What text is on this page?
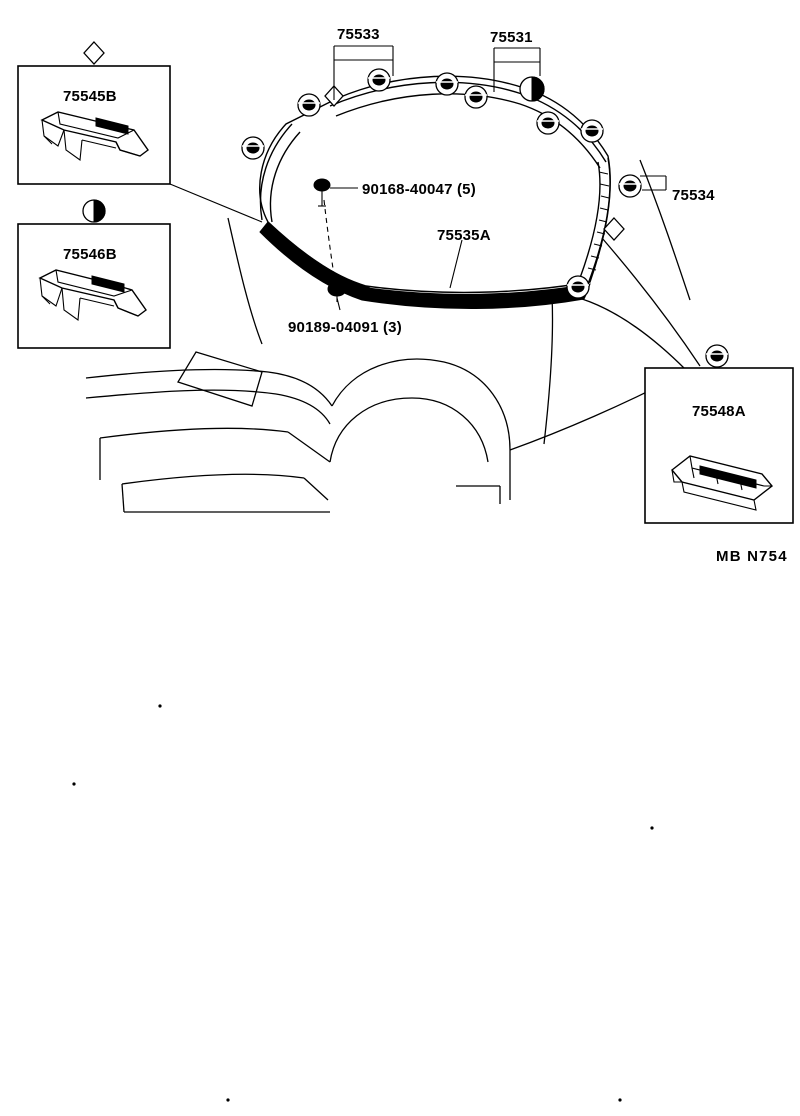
75533	75531
75534
75535A
90168-40047 (5)
90189-04091 (3)
75545B
75546B
75548A
MB N754
